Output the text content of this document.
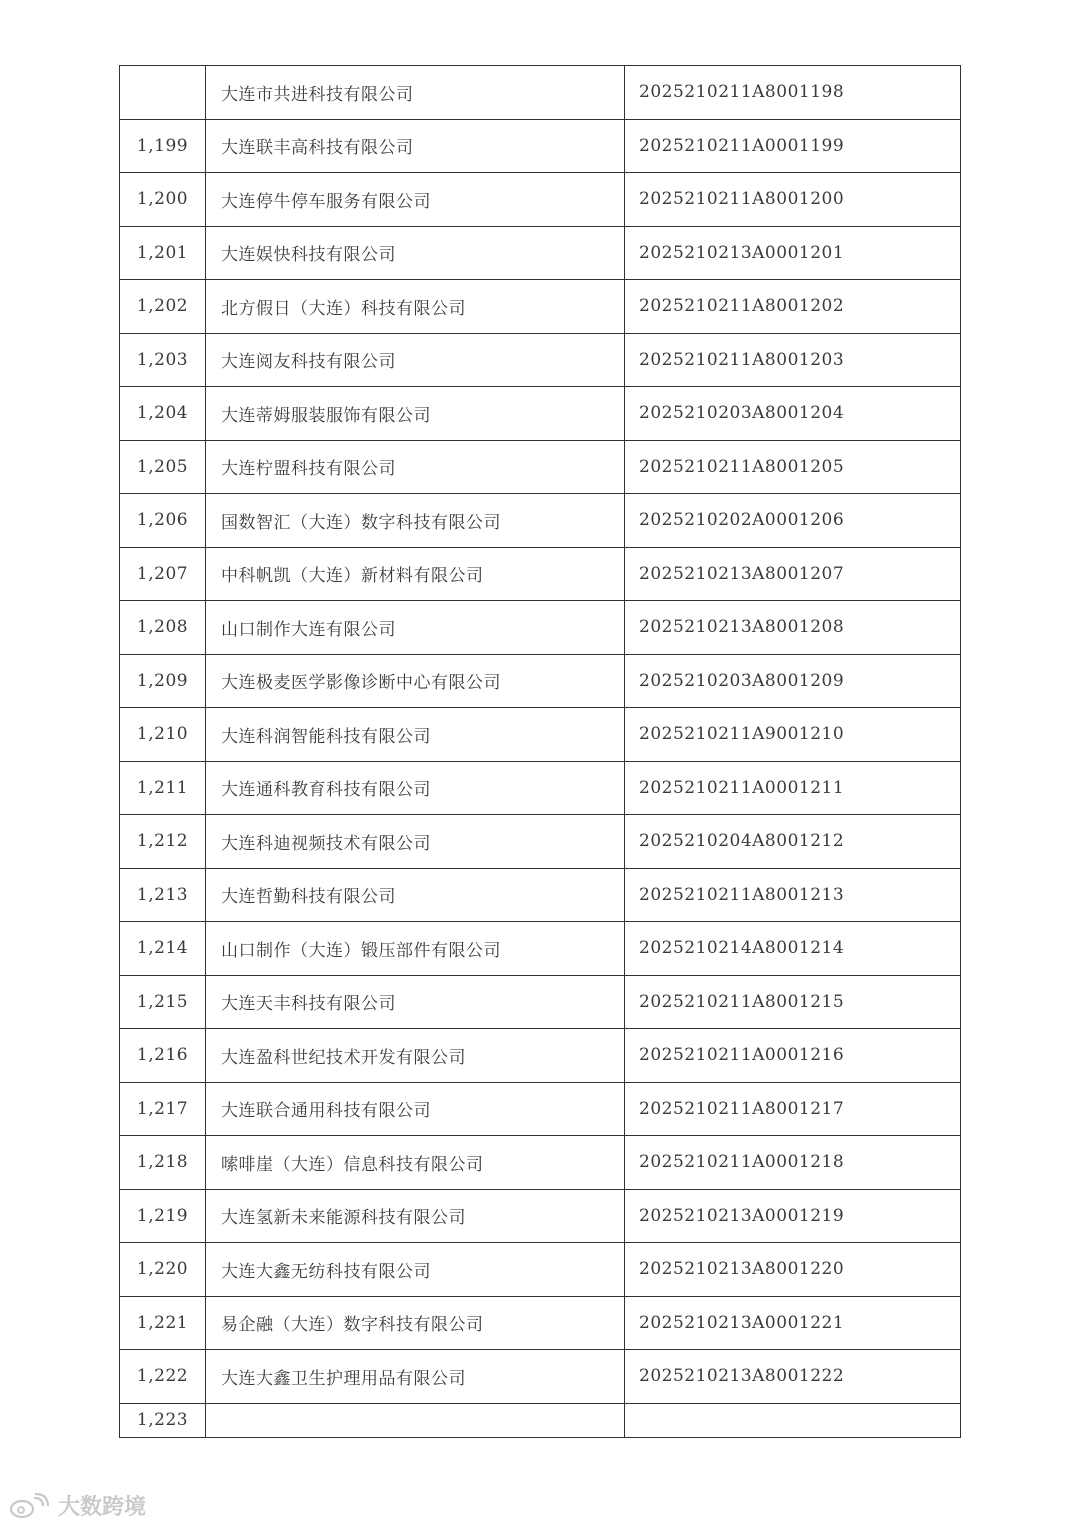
	大连市共进科技有限公司	2025210211A8001198
1,199	大连联丰高科技有限公司	2025210211A0001199
1,200	大连停牛停车服务有限公司	2025210211A8001200
1,201	大连娱快科技有限公司	2025210213A0001201
1,202	北方假日（大连）科技有限公司	2025210211A8001202
1,203	大连阅友科技有限公司	2025210211A8001203
1,204	大连蒂姆服装服饰有限公司	2025210203A8001204
1,205	大连柠盟科技有限公司	2025210211A8001205
1,206	国数智汇（大连）数字科技有限公司	2025210202A0001206
1,207	中科帆凯（大连）新材料有限公司	2025210213A8001207
1,208	山口制作大连有限公司	2025210213A8001208
1,209	大连极麦医学影像诊断中心有限公司	2025210203A8001209
1,210	大连科润智能科技有限公司	2025210211A9001210
1,211	大连通科教育科技有限公司	2025210211A0001211
1,212	大连科迪视频技术有限公司	2025210204A8001212
1,213	大连哲勤科技有限公司	2025210211A8001213
1,214	山口制作（大连）锻压部件有限公司	2025210214A8001214
1,215	大连天丰科技有限公司	2025210211A8001215
1,216	大连盈科世纪技术开发有限公司	2025210211A0001216
1,217	大连联合通用科技有限公司	2025210211A8001217
1,218	嗦啡崖（大连）信息科技有限公司	2025210211A0001218
1,219	大连氢新未来能源科技有限公司	2025210213A0001219
1,220	大连大鑫无纺科技有限公司	2025210213A8001220
1,221	易企融（大连）数字科技有限公司	2025210213A0001221
1,222	大连大鑫卫生护理用品有限公司	2025210213A8001222
1,223		
大数跨境
